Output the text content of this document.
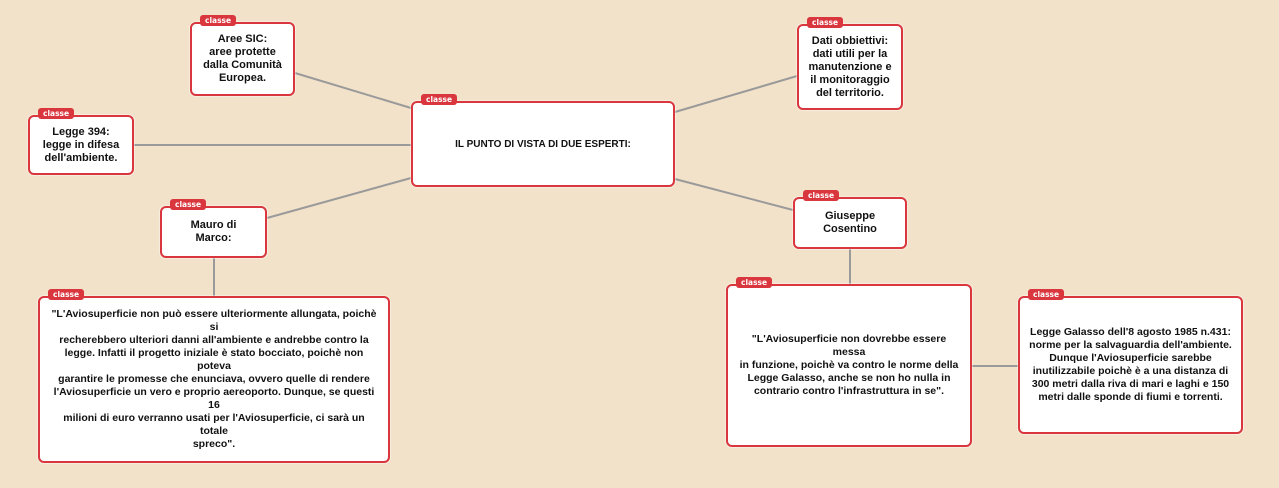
classe
IL PUNTO DI VISTA DI DUE ESPERTI:
classe
Aree SIC:
aree protette
dalla Comunità
Europea.
classe
Legge 394:
legge in difesa
dell'ambiente.
classe
Dati obbiettivi:
dati utili per la
manutenzione e
il monitoraggio
del territorio.
classe
Mauro di Marco:
classe
Giuseppe Cosentino
classe
"L'Aviosuperficie non può essere ulteriormente allungata, poichè si
recherebbero ulteriori danni all'ambiente e andrebbe contro la
legge. Infatti il progetto iniziale è stato bocciato, poichè non poteva
garantire le promesse che enunciava, ovvero quelle di rendere
l'Aviosuperficie un vero e proprio aereoporto. Dunque, se questi 16
milioni di euro verranno usati per l'Aviosuperficie, ci sarà un totale
spreco".
classe
"L'Aviosuperficie non dovrebbe essere messa
in funzione, poichè va contro le norme della
Legge Galasso, anche se non ho nulla in
contrario contro l'infrastruttura in se".
classe
Legge Galasso dell'8 agosto 1985 n.431:
norme per la salvaguardia dell'ambiente.
Dunque l'Aviosuperficie sarebbe
inutilizzabile poichè è a una distanza di
300 metri dalla riva di mari e laghi e 150
metri dalle sponde di fiumi e torrenti.
